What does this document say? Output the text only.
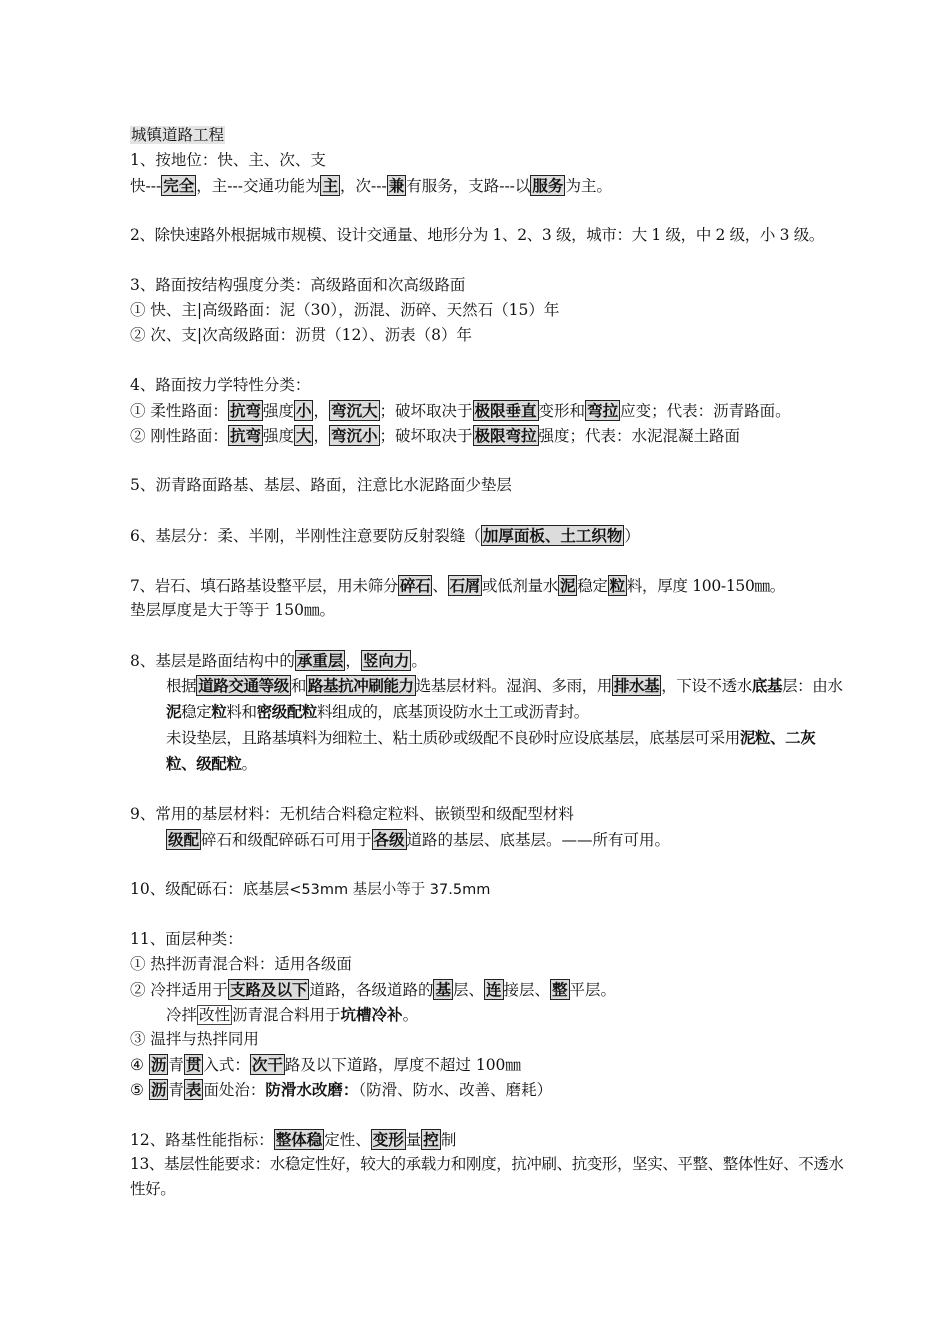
城镇道路工程
1、按地位：快、主、次、支
快--- 完全 ，主---交通功能为 主 ，次--- 兼 有服务，支路---以 服务 为主。
2、除快速路外根据城市规模、设计交通量、地形分为 1、2、3 级，城市：大 1 级，中 2 级，小 3 级。
3、路面按结构强度分类：高级路面和次高级路面
① 快、主|高级路面：泥（30），沥混、沥碎、天然石（15）年
② 次、支|次高级路面：沥贯（12）、沥表（8）年
4、路面按力学特性分类：
① 柔性路面： 抗弯 强度 小 ， 弯沉大 ；破坏取决于 极限垂直 变形和 弯拉 应变；代表：沥青路面。
② 刚性路面： 抗弯 强度 大 ， 弯沉小 ；破坏取决于 极限弯拉 强度；代表：水泥混凝土路面
5、沥青路面路基、基层、路面，注意比水泥路面少垫层
6、基层分：柔、半刚，半刚性注意要防反射裂缝（ 加厚面板、土工织物 ）
7、岩石、填石路基设整平层，用未筛分 碎石 、 石屑 或低剂量水 泥 稳定 粒 料，厚度 100-150㎜。
垫层厚度是大于等于 150㎜。
8、基层是路面结构中的 承重层 ， 竖向力 。
根据 道路交通等级 和 路基抗冲刷能力 选基层材料。湿润、多雨，用 排水基 ，下设不透水底基层：由水泥稳定粒料和密级配粒料组成的，底基顶设防水土工或沥青封。
未设垫层，且路基填料为细粒土、粘土质砂或级配不良砂时应设底基层，底基层可采用泥粒、二灰粒、级配粒。
9、常用的基层材料：无机结合料稳定粒料、嵌锁型和级配型材料
级配 碎石和级配碎砾石可用于 各级 道路的基层、底基层。——所有可用。
10、级配砾石：底基层<53mm 基层小等于 37.5mm
11、面层种类：
① 热拌沥青混合料：适用各级面
② 冷拌适用于 支路及以下 道路，各级道路的 基 层、 连 接层、 整 平层。
冷拌 改性 沥青混合料用于坑槽冷补。
③ 温拌与热拌同用
④ 沥 青 贯 入式： 次干 路及以下道路，厚度不超过 100㎜
⑤ 沥 青 表 面处治：防滑水改磨：（防滑、防水、改善、磨耗）
12、路基性能指标： 整体稳 定性、 变形 量 控 制
13、基层性能要求：水稳定性好，较大的承载力和刚度，抗冲刷、抗变形，坚实、平整、整体性好、不透水性好。
